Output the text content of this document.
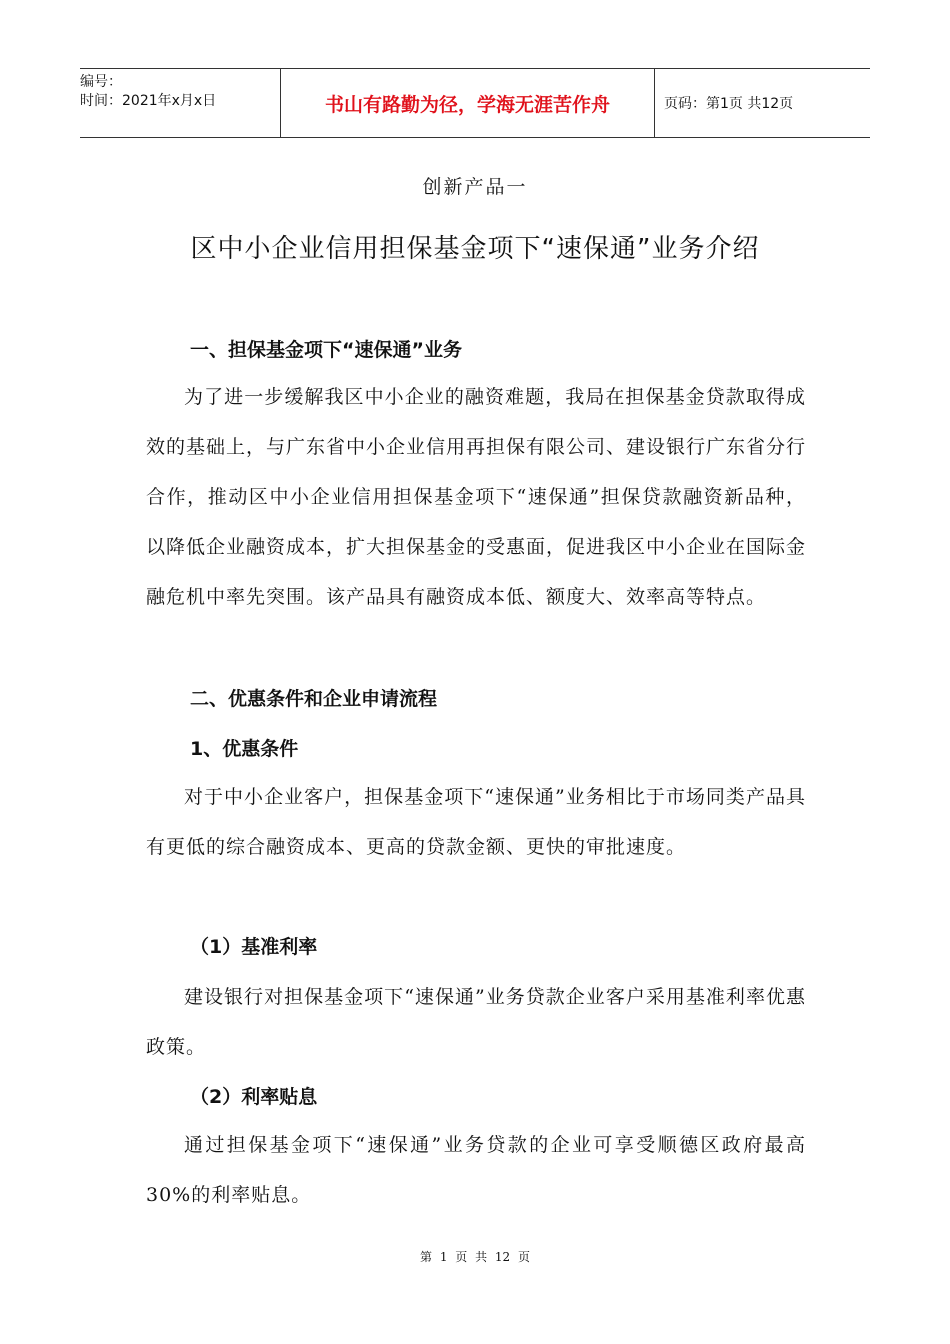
编号：
时间：2021年x月x日	书山有路勤为径，学海无涯苦作舟	页码：第1页 共12页
创新产品一
区中小企业信用担保基金项下“速保通”业务介绍
一、担保基金项下“速保通”业务
为了进一步缓解我区中小企业的融资难题，我局在担保基金贷款取得成效的基础上，与广东省中小企业信用再担保有限公司、建设银行广东省分行合作，推动区中小企业信用担保基金项下“速保通”担保贷款融资新品种，以降低企业融资成本，扩大担保基金的受惠面，促进我区中小企业在国际金融危机中率先突围。该产品具有融资成本低、额度大、效率高等特点。
二、优惠条件和企业申请流程
1、优惠条件
对于中小企业客户，担保基金项下“速保通”业务相比于市场同类产品具有更低的综合融资成本、更高的贷款金额、更快的审批速度。
（1）基准利率
建设银行对担保基金项下“速保通”业务贷款企业客户采用基准利率优惠政策。
（2）利率贴息
通过担保基金项下“速保通”业务贷款的企业可享受顺德区政府最高30%的利率贴息。
第 1 页 共 12 页
